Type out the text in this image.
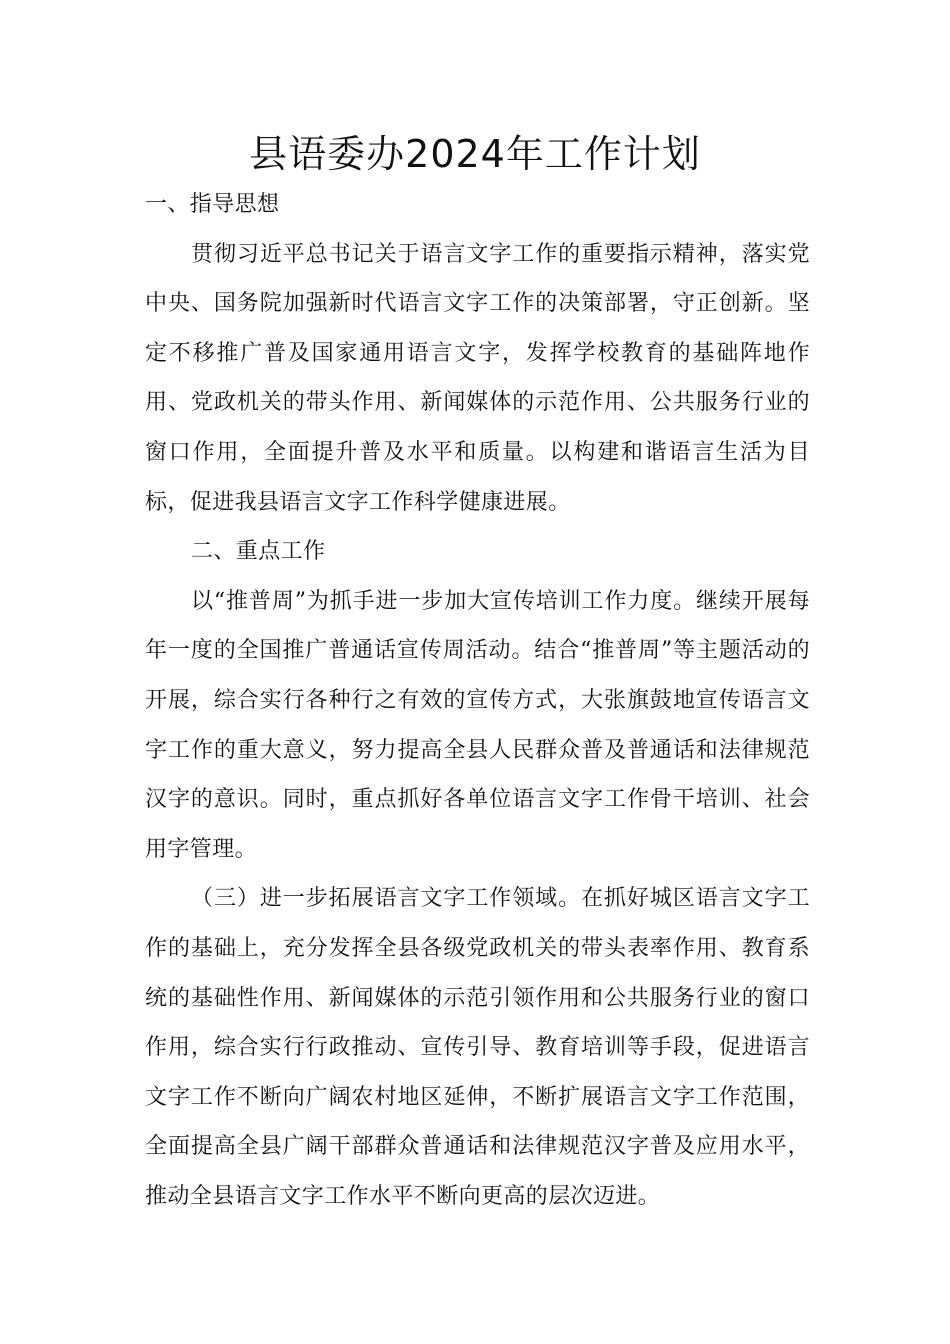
县语委办2024年工作计划

一、指导思想

贯彻习近平总书记关于语言文字工作的重要指示精神，落实党中央、国务院加强新时代语言文字工作的决策部署，守正创新。坚定不移推广普及国家通用语言文字，发挥学校教育的基础阵地作用、党政机关的带头作用、新闻媒体的示范作用、公共服务行业的窗口作用，全面提升普及水平和质量。以构建和谐语言生活为目标，促进我县语言文字工作科学健康进展。

二、重点工作

以“推普周”为抓手进一步加大宣传培训工作力度。继续开展每年一度的全国推广普通话宣传周活动。结合“推普周”等主题活动的开展，综合实行各种行之有效的宣传方式，大张旗鼓地宣传语言文字工作的重大意义，努力提高全县人民群众普及普通话和法律规范汉字的意识。同时，重点抓好各单位语言文字工作骨干培训、社会用字管理。

（三）进一步拓展语言文字工作领域。在抓好城区语言文字工作的基础上，充分发挥全县各级党政机关的带头表率作用、教育系统的基础性作用、新闻媒体的示范引领作用和公共服务行业的窗口作用，综合实行行政推动、宣传引导、教育培训等手段，促进语言文字工作不断向广阔农村地区延伸，不断扩展语言文字工作范围，全面提高全县广阔干部群众普通话和法律规范汉字普及应用水平，推动全县语言文字工作水平不断向更高的层次迈进。
